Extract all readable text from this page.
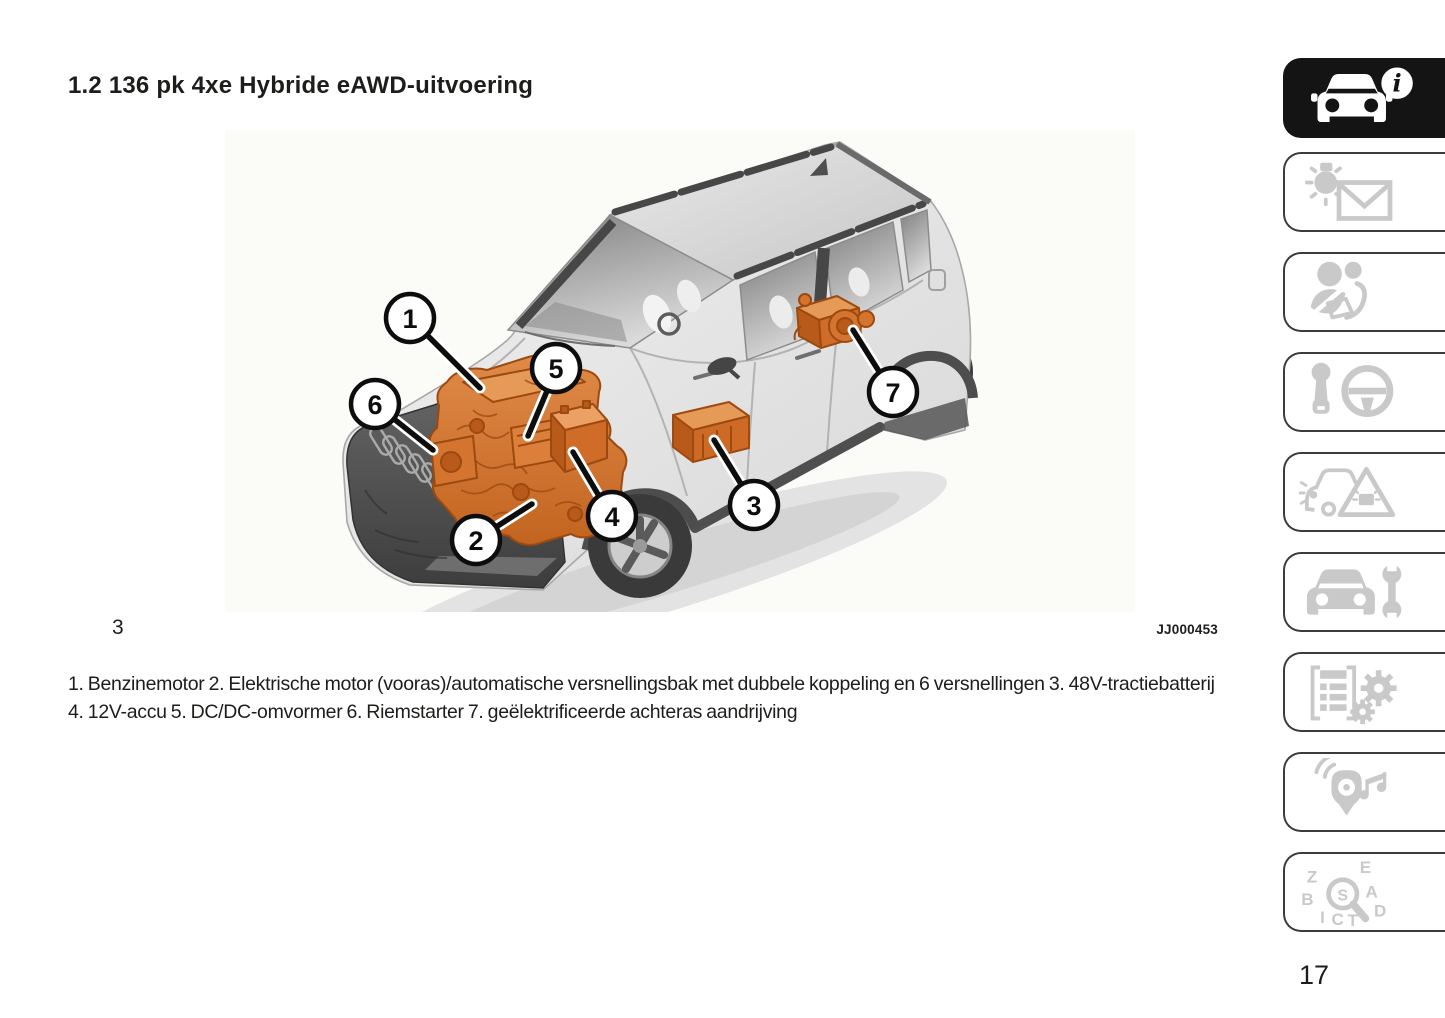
1.2 136 pk 4xe Hybride eAWD-uitvoering
1
5
6
2
4	3
7
3	JJ000453

1. Benzinemotor 2. Elektrische motor (vooras)/automatische versnellingsbak met dubbele koppeling en 6 versnellingen 3. 48V-tractiebatterij 4. 12V-accu 5. DC/DC-omvormer 6. Riemstarter 7. geëlektrificeerde achteras aandrijving

i
Z E
B	A
I C D
T
S
17
